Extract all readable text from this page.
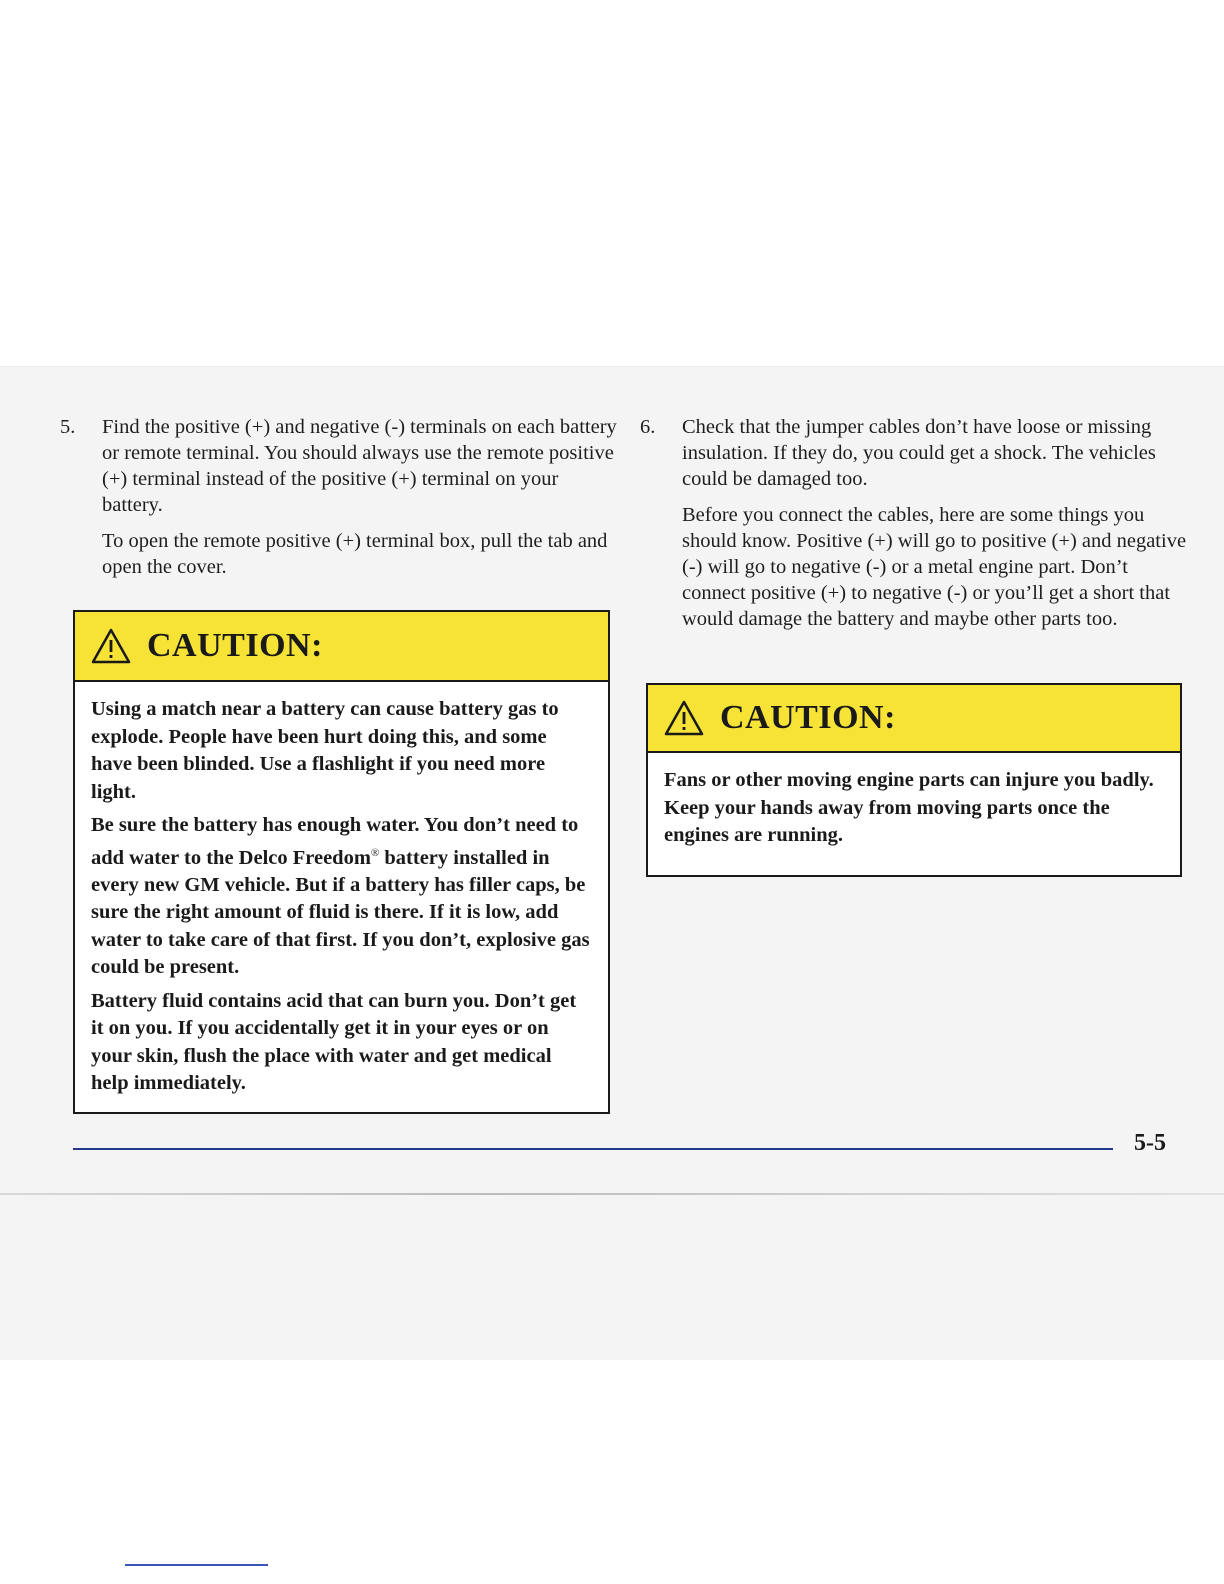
5.	Find the positive (+) and negative (-) terminals on each battery or remote terminal. You should always use the remote positive (+) terminal instead of the positive (+) terminal on your battery.

To open the remote positive (+) terminal box, pull the tab and open the cover.

CAUTION:

Using a match near a battery can cause battery gas to explode. People have been hurt doing this, and some have been blinded. Use a flashlight if you need more light.

Be sure the battery has enough water. You don’t need to add water to the Delco Freedom® battery installed in every new GM vehicle. But if a battery has filler caps, be sure the right amount of fluid is there. If it is low, add water to take care of that first. If you don’t, explosive gas could be present.

Battery fluid contains acid that can burn you. Don’t get it on you. If you accidentally get it in your eyes or on your skin, flush the place with water and get medical help immediately.

6.	Check that the jumper cables don’t have loose or missing insulation. If they do, you could get a shock. The vehicles could be damaged too.

Before you connect the cables, here are some things you should know. Positive (+) will go to positive (+) and negative (-) will go to negative (-) or a metal engine part. Don’t connect positive (+) to negative (-) or you’ll get a short that would damage the battery and maybe other parts too.

CAUTION:

Fans or other moving engine parts can injure you badly. Keep your hands away from moving parts once the engines are running.

5-5
